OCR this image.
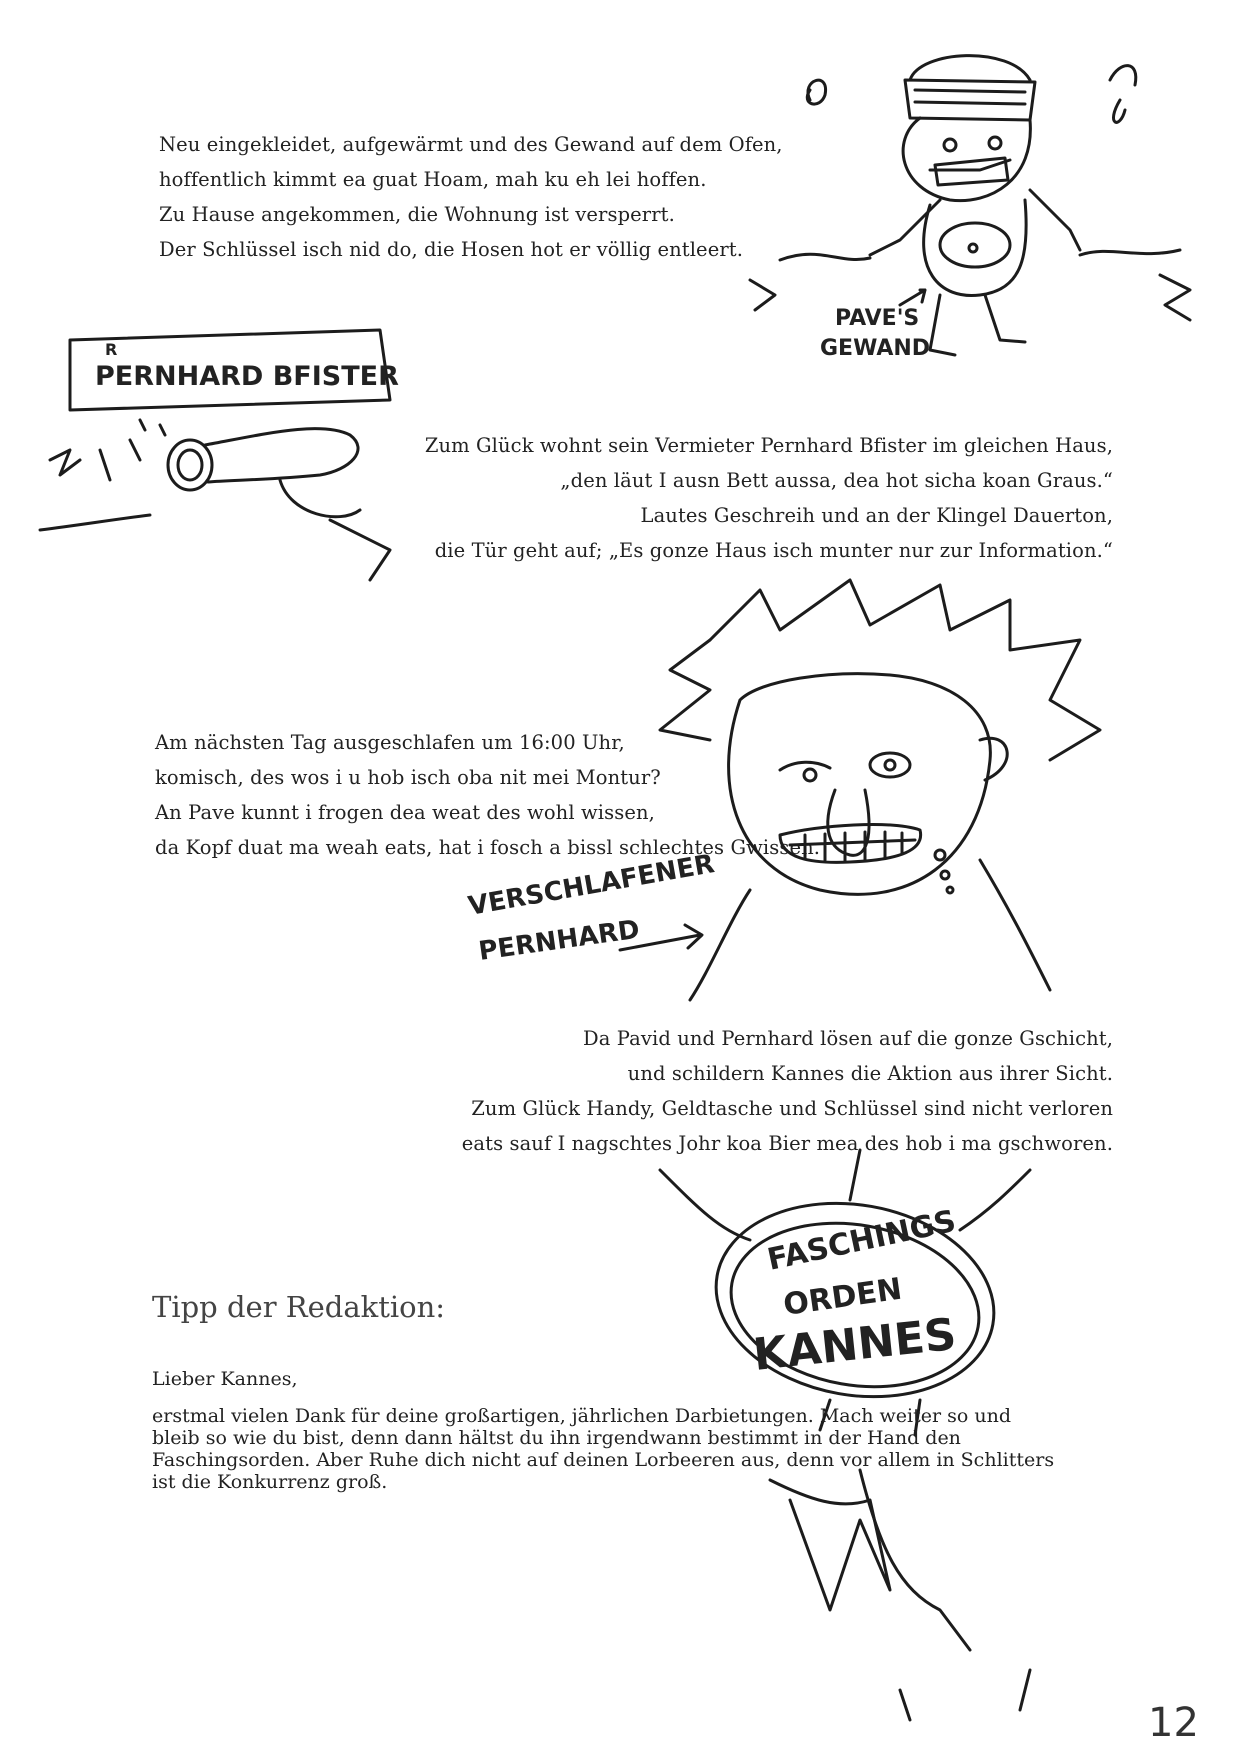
Neu eingekleidet, aufgewärmt und des Gewand auf dem Ofen,
hoffentlich kimmt ea guat Hoam, mah ku eh lei hoffen.
Zu Hause angekommen, die Wohnung ist versperrt.
Der Schlüssel isch nid do, die Hosen hot er völlig entleert.
Zum Glück wohnt sein Vermieter Pernhard Bfister im gleichen Haus,
„den läut I ausn Bett aussa, dea hot sicha koan Graus.“
Lautes Geschreih und an der Klingel Dauerton,
die Tür geht auf; „Es gonze Haus isch munter nur zur Information.“
Am nächsten Tag ausgeschlafen um 16:00 Uhr,
komisch, des wos i u hob isch oba nit mei Montur?
An Pave kunnt i frogen dea weat des wohl wissen,
da Kopf duat ma weah eats, hat i fosch a bissl schlechtes Gwissen.
Da Pavid und Pernhard lösen auf die gonze Gschicht,
und schildern Kannes die Aktion aus ihrer Sicht.
Zum Glück Handy, Geldtasche und Schlüssel sind nicht verloren
eats sauf I nagschtes Johr koa Bier mea des hob i ma gschworen.
PAVE'S
GEWAND
PERNHARD BFISTER
R
VERSCHLAFENER
PERNHARD
FASCHINGS
ORDEN
KANNES
Tipp der Redaktion:
Lieber Kannes,
erstmal vielen Dank für deine großartigen, jährlichen Darbietungen. Mach weiter so und bleib so wie du bist, denn dann hältst du ihn irgendwann bestimmt in der Hand den Faschingsorden. Aber Ruhe dich nicht auf deinen Lorbeeren aus, denn vor allem in Schlitters ist die Konkurrenz groß.
12
